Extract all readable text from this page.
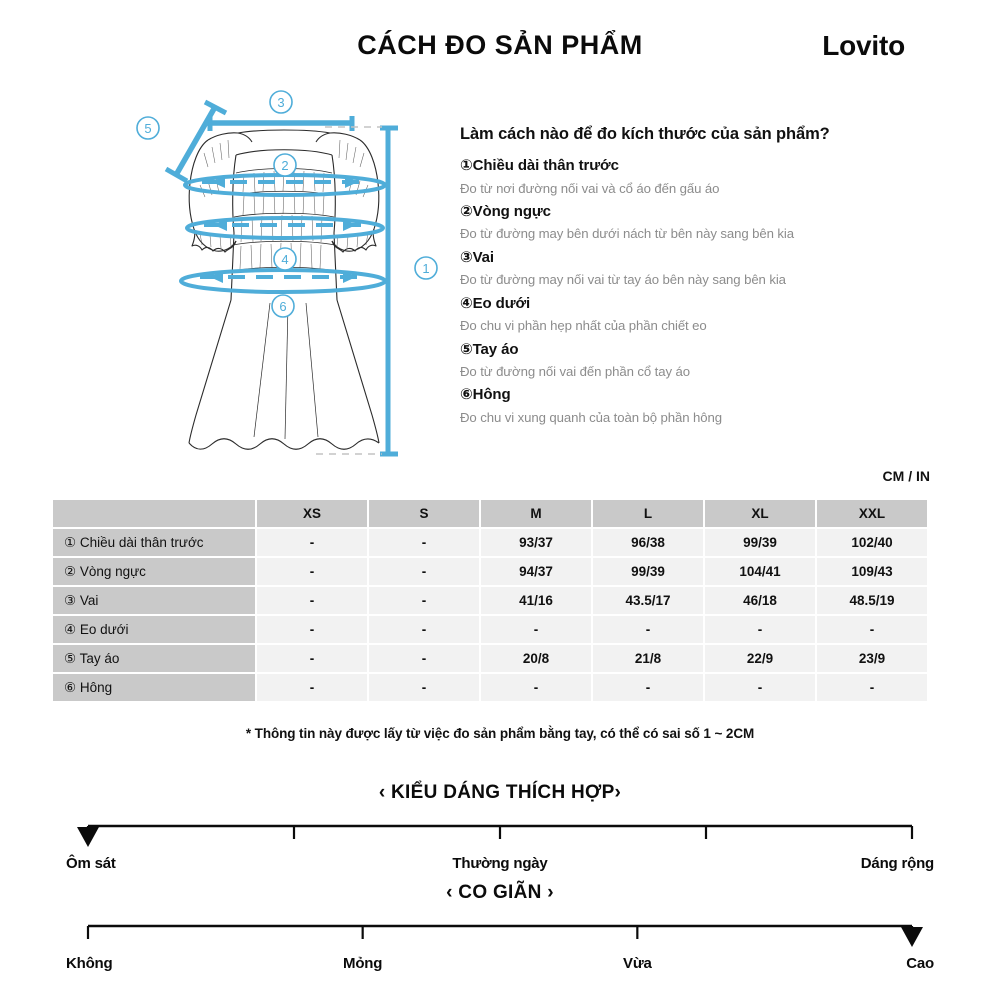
CÁCH ĐO SẢN PHẨM	Lovito
3
5
2
4
6
1
Làm cách nào để đo kích thước của sản phẩm?
①Chiều dài thân trước
Đo từ nơi đường nối vai và cổ áo đến gấu áo
②Vòng ngực
Đo từ đường may bên dưới nách từ bên này sang bên kia
③Vai
Đo từ đường may nối vai từ tay áo bên này sang bên kia
④Eo dưới
Đo chu vi phần hẹp nhất của phần chiết eo
⑤Tay áo
Đo từ đường nối vai đến phần cổ tay áo
⑥Hông
Đo chu vi xung quanh của toàn bộ phần hông
CM / IN
	XS	S	M	L	XL	XXL
① Chiều dài thân trước	-	-	93/37	96/38	99/39	102/40
② Vòng ngực	-	-	94/37	99/39	104/41	109/43
③ Vai	-	-	41/16	43.5/17	46/18	48.5/19
④ Eo dưới	-	-	-	-	-	-
⑤ Tay áo	-	-	20/8	21/8	22/9	23/9
⑥ Hông	-	-	-	-	-	-
* Thông tin này được lấy từ việc đo sản phẩm bằng tay, có thể có sai số 1 ~ 2CM
‹ KIỂU DÁNG THÍCH HỢP›
Ôm sát	Thường ngày	Dáng rộng
‹ CO GIÃN ›
Không	Mỏng	Vừa	Cao
